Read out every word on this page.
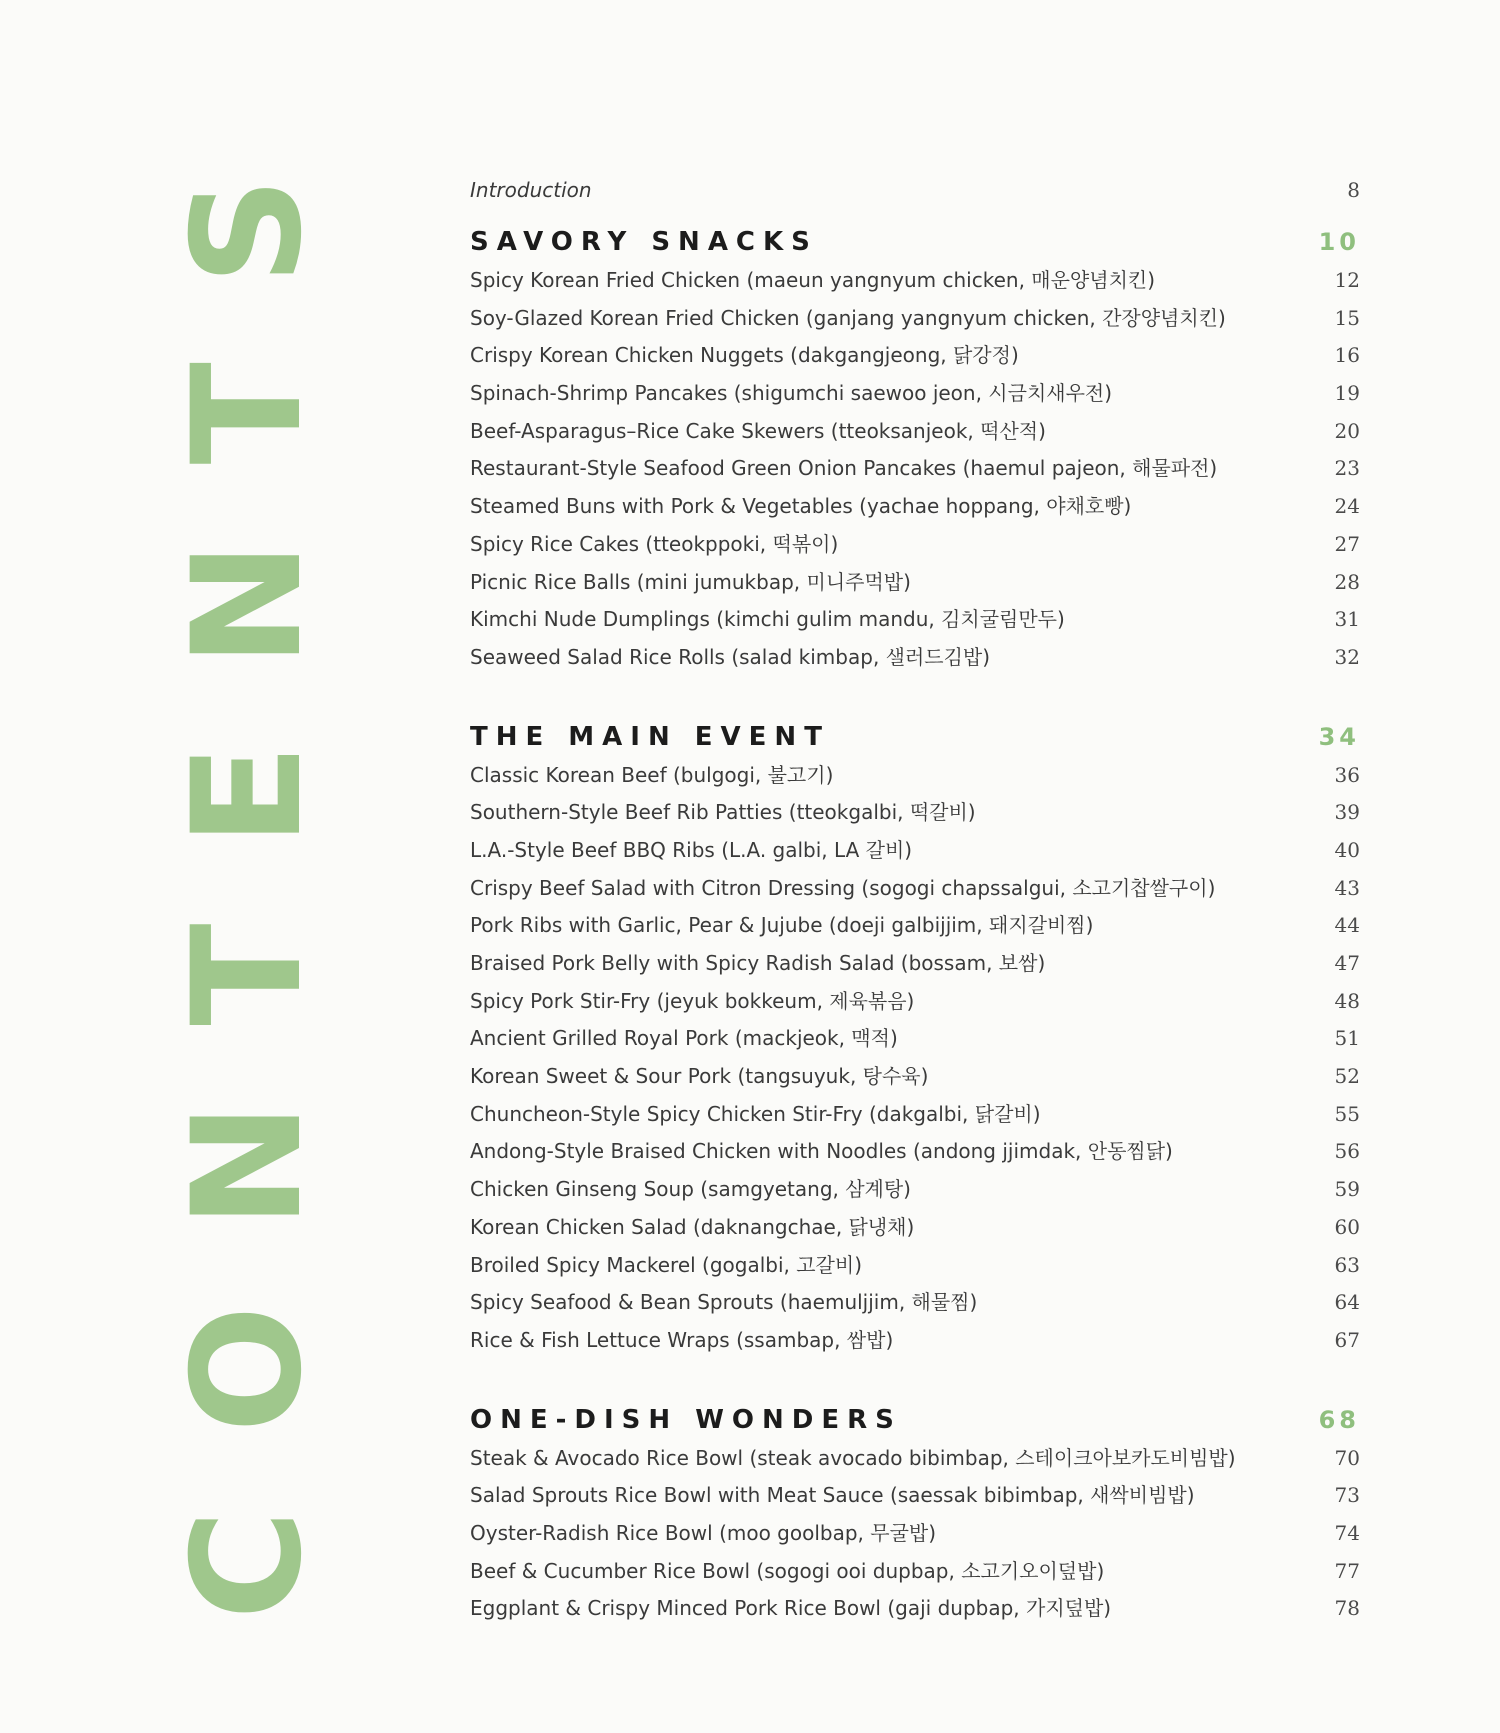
CONTENTS	Introduction	8
SAVORY SNACKS	10
Spicy Korean Fried Chicken (maeun yangnyum chicken, 매운양념치킨)	12
Soy-Glazed Korean Fried Chicken (ganjang yangnyum chicken, 간장양념치킨)	15
Crispy Korean Chicken Nuggets (dakgangjeong, 닭강정)	16
Spinach-Shrimp Pancakes (shigumchi saewoo jeon, 시금치새우전)	19
Beef-Asparagus–Rice Cake Skewers (tteoksanjeok, 떡산적)	20
Restaurant-Style Seafood Green Onion Pancakes (haemul pajeon, 해물파전)	23
Steamed Buns with Pork & Vegetables (yachae hoppang, 야채호빵)	24
Spicy Rice Cakes (tteokppoki, 떡볶이)	27
Picnic Rice Balls (mini jumukbap, 미니주먹밥)	28
Kimchi Nude Dumplings (kimchi gulim mandu, 김치굴림만두)	31
Seaweed Salad Rice Rolls (salad kimbap, 샐러드김밥)	32
THE MAIN EVENT	34
Classic Korean Beef (bulgogi, 불고기)	36
Southern-Style Beef Rib Patties (tteokgalbi, 떡갈비)	39
L.A.-Style Beef BBQ Ribs (L.A. galbi, LA 갈비)	40
Crispy Beef Salad with Citron Dressing (sogogi chapssalgui, 소고기찹쌀구이)	43
Pork Ribs with Garlic, Pear & Jujube (doeji galbijjim, 돼지갈비찜)	44
Braised Pork Belly with Spicy Radish Salad (bossam, 보쌈)	47
Spicy Pork Stir-Fry (jeyuk bokkeum, 제육볶음)	48
Ancient Grilled Royal Pork (mackjeok, 맥적)	51
Korean Sweet & Sour Pork (tangsuyuk, 탕수육)	52
Chuncheon-Style Spicy Chicken Stir-Fry (dakgalbi, 닭갈비)	55
Andong-Style Braised Chicken with Noodles (andong jjimdak, 안동찜닭)	56
Chicken Ginseng Soup (samgyetang, 삼계탕)	59
Korean Chicken Salad (daknangchae, 닭냉채)	60
Broiled Spicy Mackerel (gogalbi, 고갈비)	63
Spicy Seafood & Bean Sprouts (haemuljjim, 해물찜)	64
Rice & Fish Lettuce Wraps (ssambap, 쌈밥)	67
ONE-DISH WONDERS	68
Steak & Avocado Rice Bowl (steak avocado bibimbap, 스테이크아보카도비빔밥)	70
Salad Sprouts Rice Bowl with Meat Sauce (saessak bibimbap, 새싹비빔밥)	73
Oyster-Radish Rice Bowl (moo goolbap, 무굴밥)	74
Beef & Cucumber Rice Bowl (sogogi ooi dupbap, 소고기오이덮밥)	77
Eggplant & Crispy Minced Pork Rice Bowl (gaji dupbap, 가지덮밥)	78
